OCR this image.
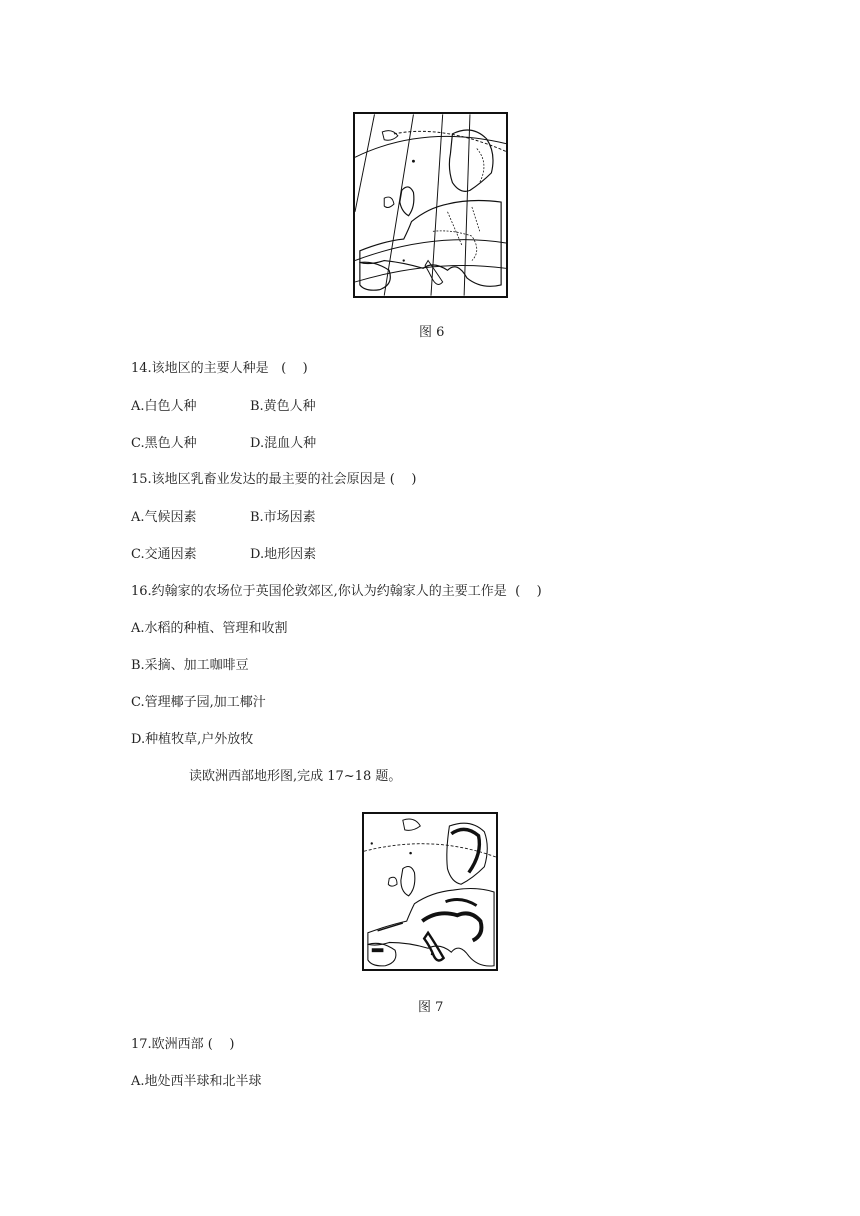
图 6
14.该地区的主要人种是   (    )
A.白色人种	B.黄色人种
C.黑色人种	D.混血人种
15.该地区乳畜业发达的最主要的社会原因是 (    )
A.气候因素	B.市场因素
C.交通因素	D.地形因素
16.约翰家的农场位于英国伦敦郊区,你认为约翰家人的主要工作是  (    )
A.水稻的种植、管理和收割
B.采摘、加工咖啡豆
C.管理椰子园,加工椰汁
D.种植牧草,户外放牧
读欧洲西部地形图,完成 17~18 题。
图 7
17.欧洲西部 (    )
A.地处西半球和北半球
